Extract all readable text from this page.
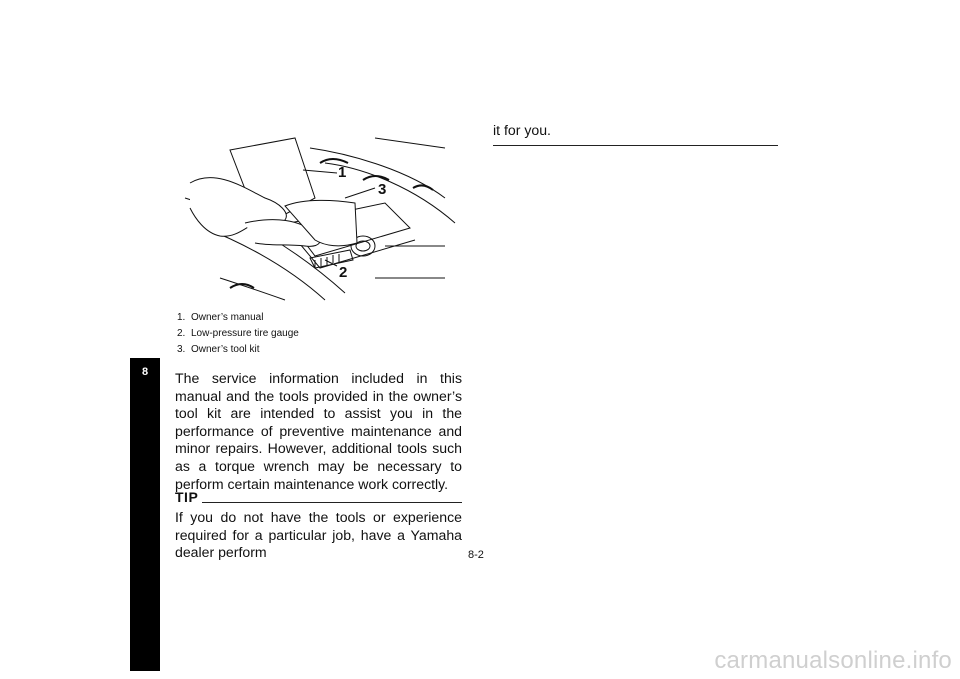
8
1
3
2
1. Owner’s manual
2. Low-pressure tire gauge
3. Owner’s tool kit

The service information included in this manual and the tools provided in the owner’s tool kit are intended to assist you in the performance of preventive maintenance and minor repairs. However, additional tools such as a torque wrench may be necessary to perform certain maintenance work correctly.

TIP

If you do not have the tools or experience required for a particular job, have a Yamaha dealer perform

it for you.

8-2
carmanualsonline.info
